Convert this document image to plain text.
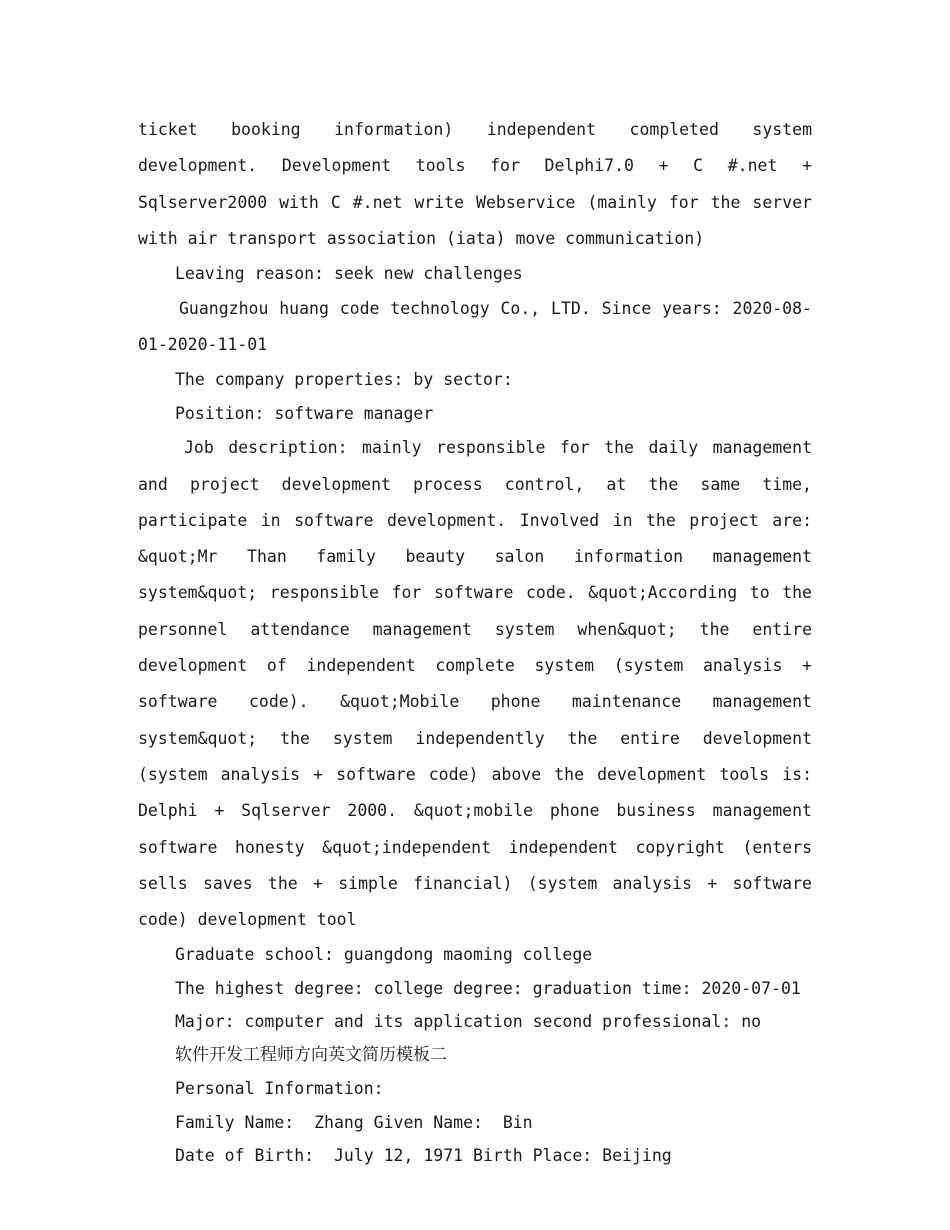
ticket booking information) independent completed system development. Development tools for Delphi7.0 + C #.net + Sqlserver2000 with C #.net write Webservice (mainly for the server with air transport association (iata) move communication)

Leaving reason: seek new challenges

Guangzhou huang code technology Co., LTD. Since years: 2020-08-01-2020-11-01

The company properties: by sector:

Position: software manager

Job description: mainly responsible for the daily management and project development process control, at the same time, participate in software development. Involved in the project are: &quot;Mr Than family beauty salon information management system&quot; responsible for software code. &quot;According to the personnel attendance management system when&quot; the entire development of independent complete system (system analysis + software code). &quot;Mobile phone maintenance management system&quot; the system independently the entire development (system analysis + software code) above the development tools is: Delphi + Sqlserver 2000. &quot;mobile phone business management software honesty &quot;independent independent copyright (enters sells saves the + simple financial) (system analysis + software code) development tool

Graduate school: guangdong maoming college

The highest degree: college degree: graduation time: 2020-07-01

Major: computer and its application second professional: no

软件开发工程师方向英文简历模板二

Personal Information:

Family Name:  Zhang Given Name:  Bin

Date of Birth:  July 12, 1971 Birth Place: Beijing
